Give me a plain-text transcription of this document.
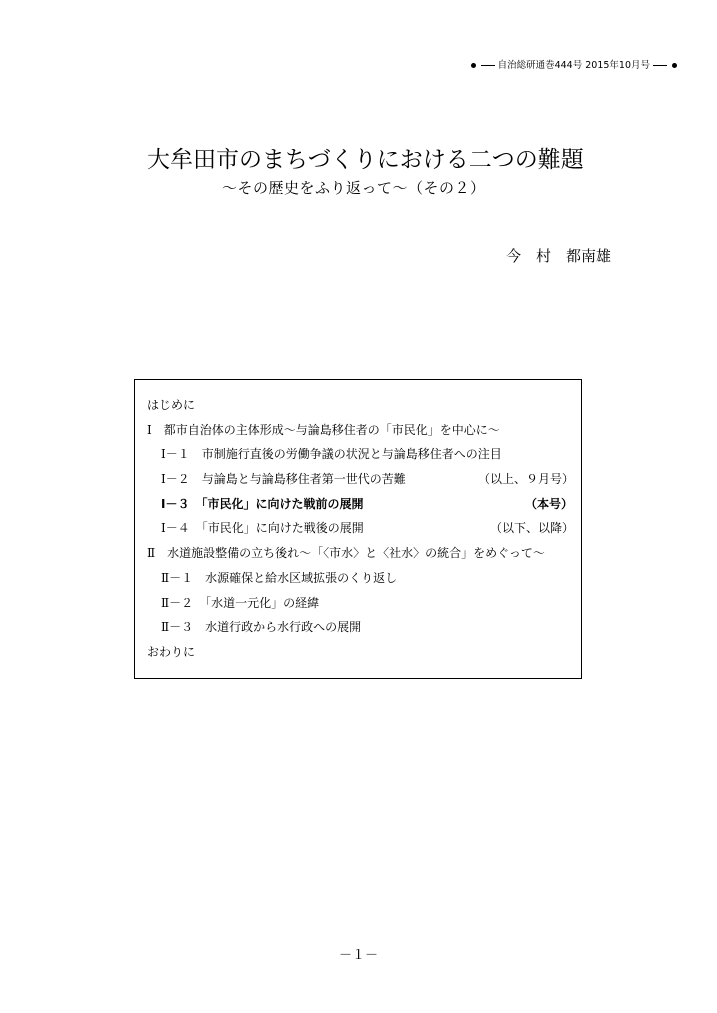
自治総研通巻444号 2015年10月号
大牟田市のまちづくりにおける二つの難題
～その歴史をふり返って～（その２）
今　村　都南雄
はじめに
Ⅰ　都市自治体の主体形成～与論島移住者の「市民化」を中心に～
Ⅰ－１　市制施行直後の労働争議の状況と与論島移住者への注目
Ⅰ－２　与論島と与論島移住者第一世代の苦難	（以上、９月号）
Ⅰ－３　「市民化」に向けた戦前の展開	（本号）
Ⅰ－４　「市民化」に向けた戦後の展開	（以下、以降）
Ⅱ　水道施設整備の立ち後れ～「〈市水〉と〈社水〉の統合」をめぐって～
Ⅱ－１　水源確保と給水区域拡張のくり返し
Ⅱ－２　「水道一元化」の経緯
Ⅱ－３　水道行政から水行政への展開
おわりに
－１－
